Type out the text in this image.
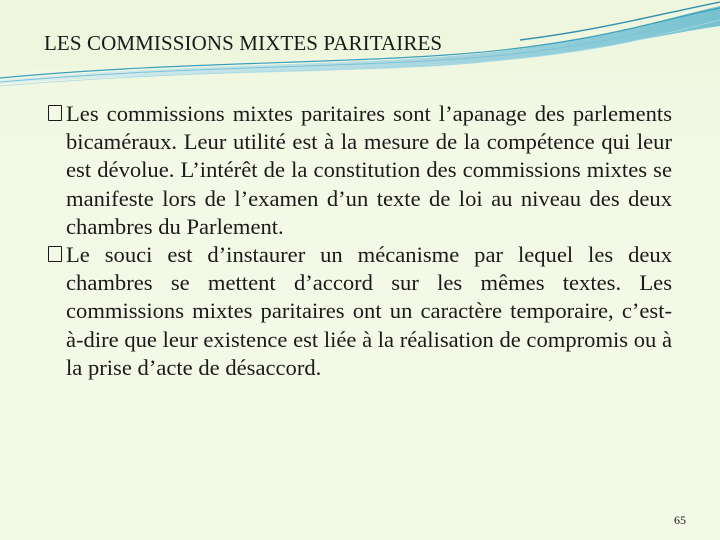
LES COMMISSIONS MIXTES PARITAIRES

Les commissions mixtes paritaires sont l’apanage des parlements bicaméraux. Leur utilité est à la mesure de la compétence qui leur est dévolue. L’intérêt de la constitution des commissions mixtes se manifeste lors de l’examen d’un texte de loi au niveau des deux chambres du Parlement.

Le souci est d’instaurer un mécanisme par lequel les deux chambres se mettent d’accord sur les mêmes textes. Les commissions mixtes paritaires ont un caractère temporaire, c’est-à-dire que leur existence est liée à la réalisation de compromis ou à la prise d’acte de désaccord.

65
